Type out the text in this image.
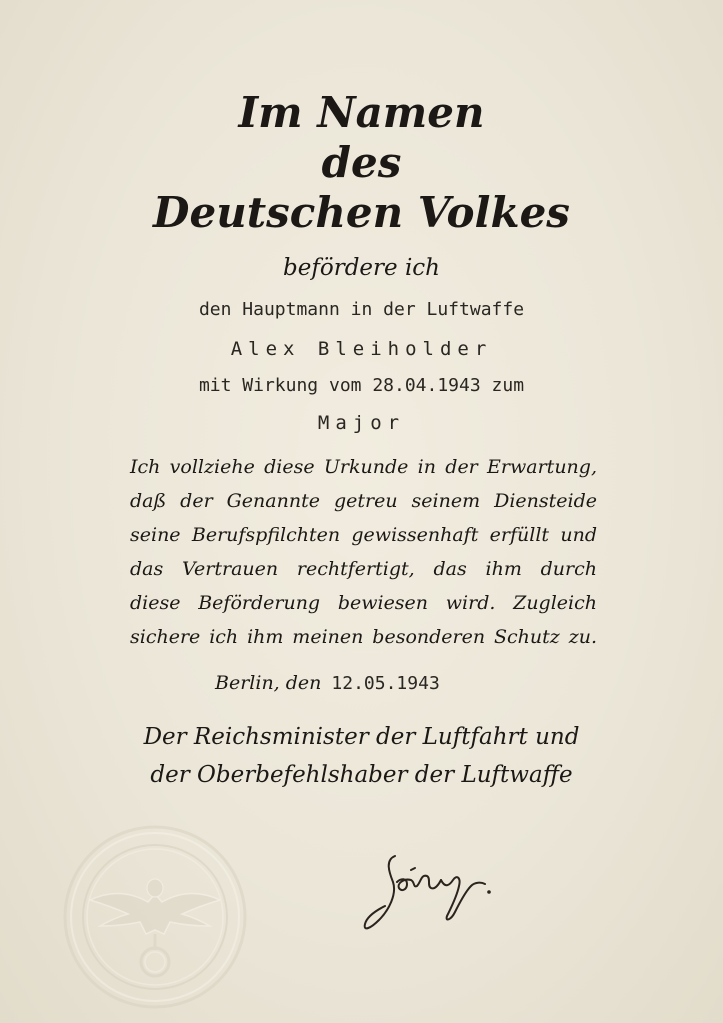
Im Namen
des
Deutschen Volkes
befördere ich
den Hauptmann in der Luftwaffe
Alex Bleiholder
mit Wirkung vom 28.04.1943 zum
Major

Ich vollziehe diese Urkunde in der Erwartung,

daß der Genannte getreu seinem Diensteide

seine Berufspfilchten gewissenhaft erfüllt und

das Vertrauen rechtfertigt, das ihm durch

diese Beförderung bewiesen wird. Zugleich

sichere ich ihm meinen besonderen Schutz zu.

Berlin, den 12.05.1943
Der Reichsminister der Luftfahrt und
der Oberbefehlshaber der Luftwaffe
